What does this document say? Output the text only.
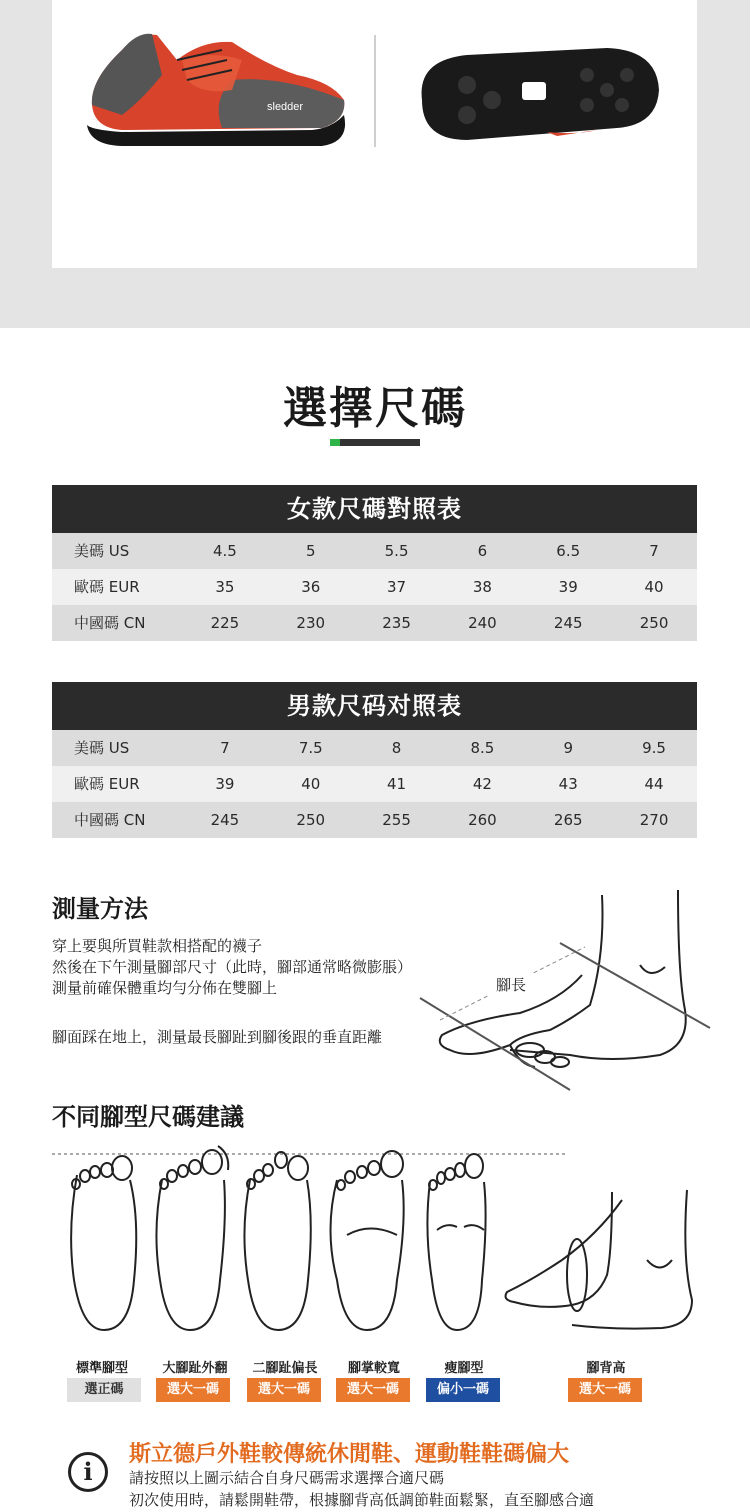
sledder
選擇尺碼
女款尺碼對照表
美碼 US	4.5	5	5.5	6	6.5	7
歐碼 EUR	35	36	37	38	39	40
中國碼 CN	225	230	235	240	245	250
男款尺码对照表
美碼 US	7	7.5	8	8.5	9	9.5
歐碼 EUR	39	40	41	42	43	44
中國碼 CN	245	250	255	260	265	270
測量方法
穿上要與所買鞋款相搭配的襪子
然後在下午測量腳部尺寸（此時，腳部通常略微膨脹）
測量前確保體重均勻分佈在雙腳上
腳面踩在地上，測量最長腳趾到腳後跟的垂直距離
腳長
不同腳型尺碼建議
標準腳型	大腳趾外翻	二腳趾偏長	腳掌較寬	瘦腳型	腳背高
選正碼	選大一碼	選大一碼	選大一碼	偏小一碼	選大一碼
i
斯立德戶外鞋較傳統休閒鞋、運動鞋鞋碼偏大
請按照以上圖示結合自身尺碼需求選擇合適尺碼
初次使用時，請鬆開鞋帶，根據腳背高低調節鞋面鬆緊，直至腳感合適
